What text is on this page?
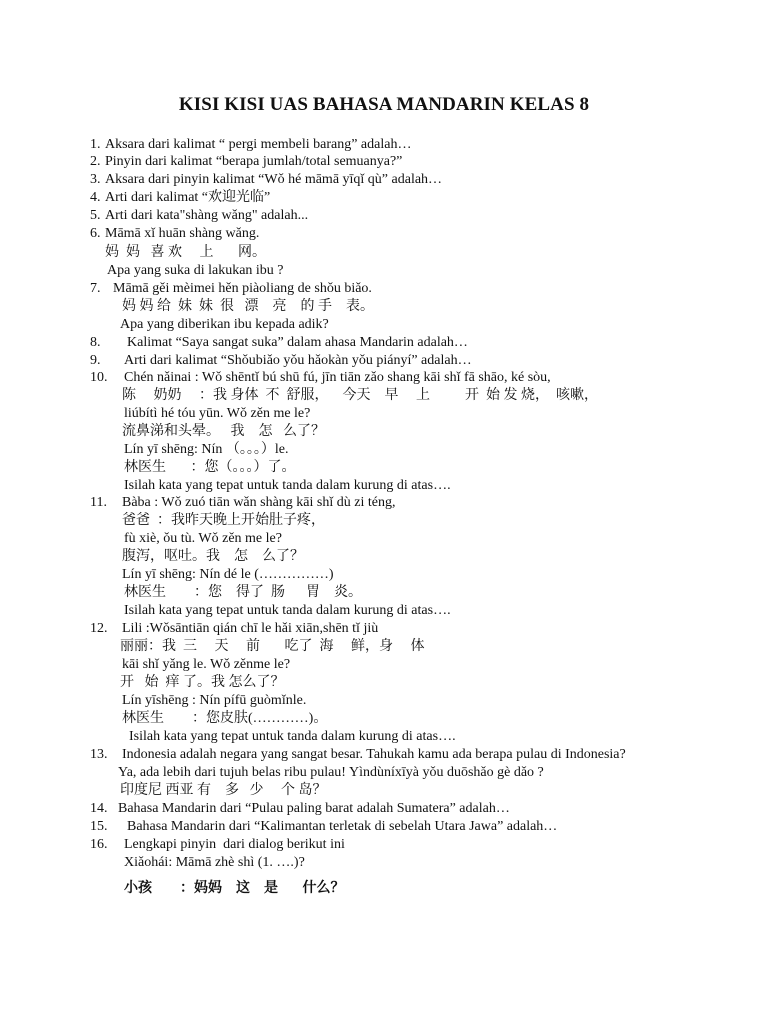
KISI KISI UAS BAHASA MANDARIN KELAS 8
1. Aksara dari kalimat “ pergi membeli barang” adalah…
2. Pinyin dari kalimat “berapa jumlah/total semuanya?”
3. Aksara dari pinyin kalimat “Wǒ hé māmā yīqǐ qù” adalah…
4. Arti dari kalimat “欢迎光临”
5. Arti dari kata"shàng wǎng" adalah...
6. Māmā xǐ huān shàng wǎng.
妈  妈   喜 欢     上       网。
Apa yang suka di lakukan ibu ?
7. Māmā gěi mèimei hěn piàoliang de shǒu biǎo.
妈 妈 给  妹  妹  很   漂    亮    的 手    表。
Apa yang diberikan ibu kepada adik?
8. Kalimat “Saya sangat suka” dalam ahasa Mandarin adalah…
9. Arti dari kalimat “Shǒubiǎo yǒu hǎokàn yǒu piányí” adalah…
10. Chén nǎinai : Wǒ shēntǐ bú shū fú, jīn tiān zǎo shang kāi shǐ fā shāo, ké sòu,
陈     奶奶     ：我 身体  不  舒服，    今天    早     上          开  始 发 烧，  咳嗽，
liúbítì hé tóu yūn. Wǒ zěn me le?
流鼻涕和头晕。   我    怎   么了？
Lín yī shēng: Nín （。。。）le.
林医生       ：您（。。。）了。
Isilah kata yang tepat untuk tanda dalam kurung di atas….
11. Bàba : Wǒ zuó tiān wǎn shàng kāi shǐ dù zi téng,
爸爸  ：我昨天晚上开始肚子疼，
fù xiè, ǒu tù. Wǒ zěn me le?
腹泻，呕吐。我    怎    么了？
Lín yī shēng: Nín dé le (……………)
林医生        ：您    得了  肠      胃    炎。
Isilah kata yang tepat untuk tanda dalam kurung di atas….
12. Lili :Wǒsāntiān qián chī le hǎi xiān,shēn tǐ jiù
丽丽：我  三     天     前       吃了  海     鲜，身     体
kāi shǐ yǎng le. Wǒ zěnme le?
开   始  痒 了。我 怎么了？
Lín yīshēng : Nín pífū guòmǐnle.
林医生        ：您皮肤(…………)。
Isilah kata yang tepat untuk tanda dalam kurung di atas….
13. Indonesia adalah negara yang sangat besar. Tahukah kamu ada berapa pulau di Indonesia?
Ya, ada lebih dari tujuh belas ribu pulau! Yìndùníxīyà yǒu duōshǎo gè dǎo ?
印度尼 西亚 有    多   少     个 岛？
14. Bahasa Mandarin dari “Pulau paling barat adalah Sumatera” adalah…
15. Bahasa Mandarin dari “Kalimantan terletak di sebelah Utara Jawa” adalah…
16. Lengkapi pinyin  dari dialog berikut ini
Xiǎohái: Māmā zhè shì (1. ….)?
小孩        ：妈妈    这    是       什么？
